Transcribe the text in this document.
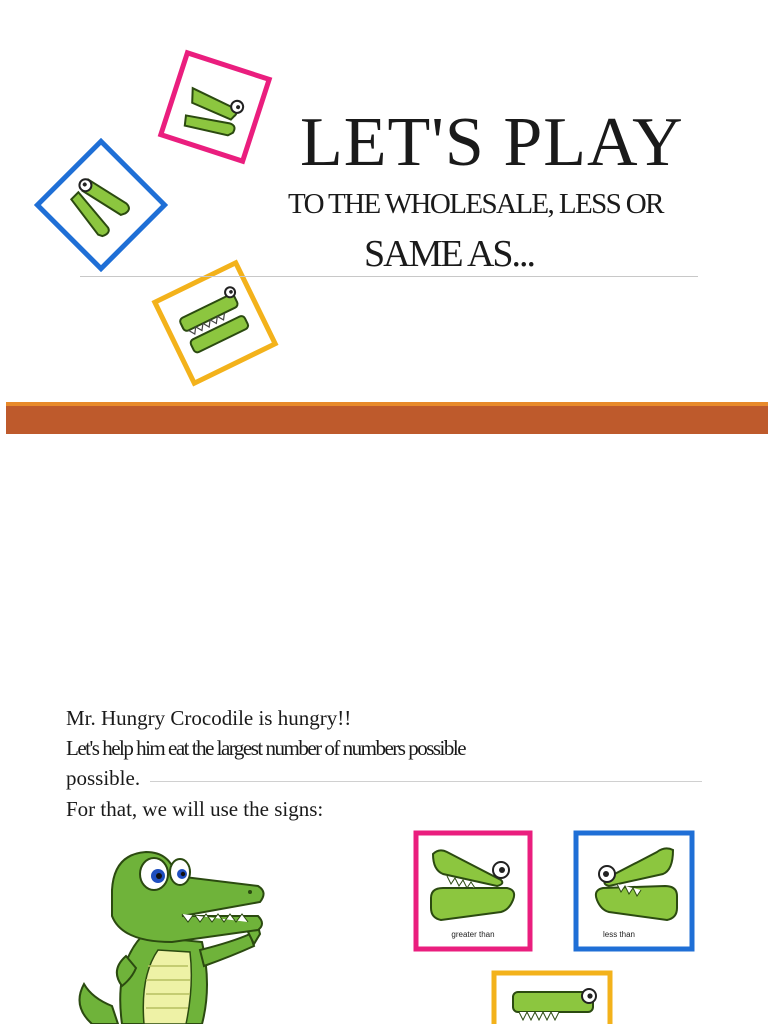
LET'S PLAY
TO THE WHOLESALE, LESS OR
SAME AS...
Mr. Hungry Crocodile is hungry!!
Let's help him eat the largest number of numbers possible
possible.
For that, we will use the signs:
greater than	less than
